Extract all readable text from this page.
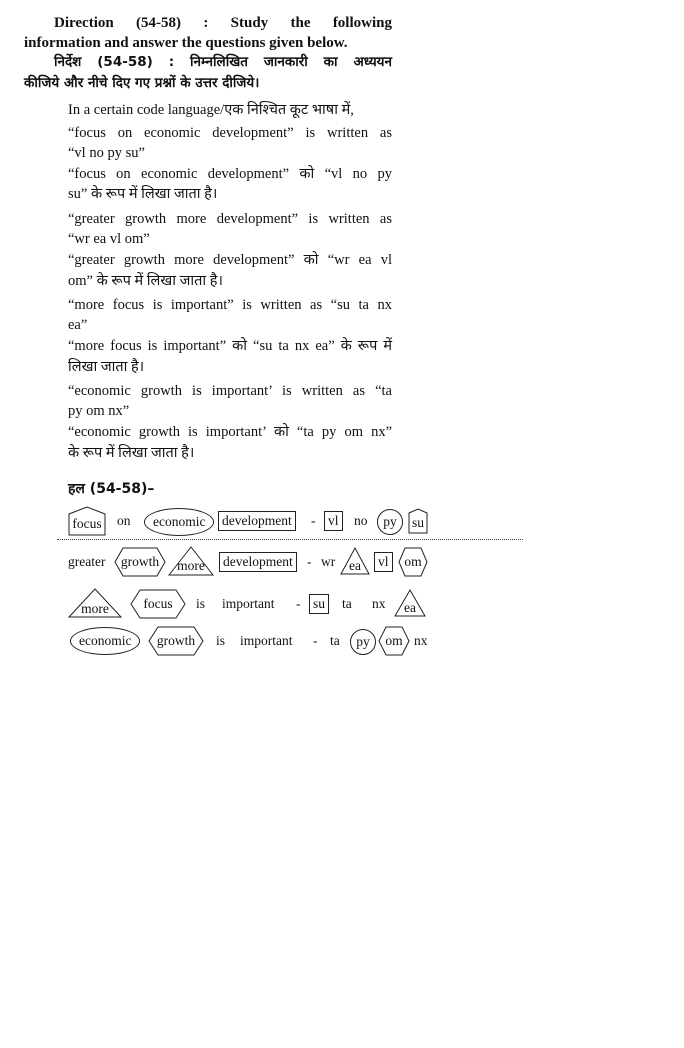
Direction (54-58) : Study the following
information and answer the questions given below.
निर्देश (54-58) : निम्नलिखित जानकारी का अध्ययन
कीजिये और नीचे दिए गए प्रश्नों के उत्तर दीजिये।
In a certain code language/एक निश्चित कूट भाषा में,
“focus on economic development” is written as
“vl no py su”
“focus on economic development” को “vl no py
su” के रूप में लिखा जाता है।
“greater growth more development” is written as
“wr ea vl om”
“greater growth more development” को “wr ea vl
om” के रूप में लिखा जाता है।
“more focus is important” is written as “su ta nx
ea”
“more focus is important” को “su ta nx ea” के रूप में
लिखा जाता है।
“economic growth is important’ is written as “ta
py om nx”
“economic growth is important’ को “ta py om nx”
के रूप में लिखा जाता है।
हल (54-58)–
focus on	economic	development - vl no	py	su
greater growth more development - wr ea vl om
more	focus is important - su ta nx ea
economic	growth is important - ta	py	om nx
